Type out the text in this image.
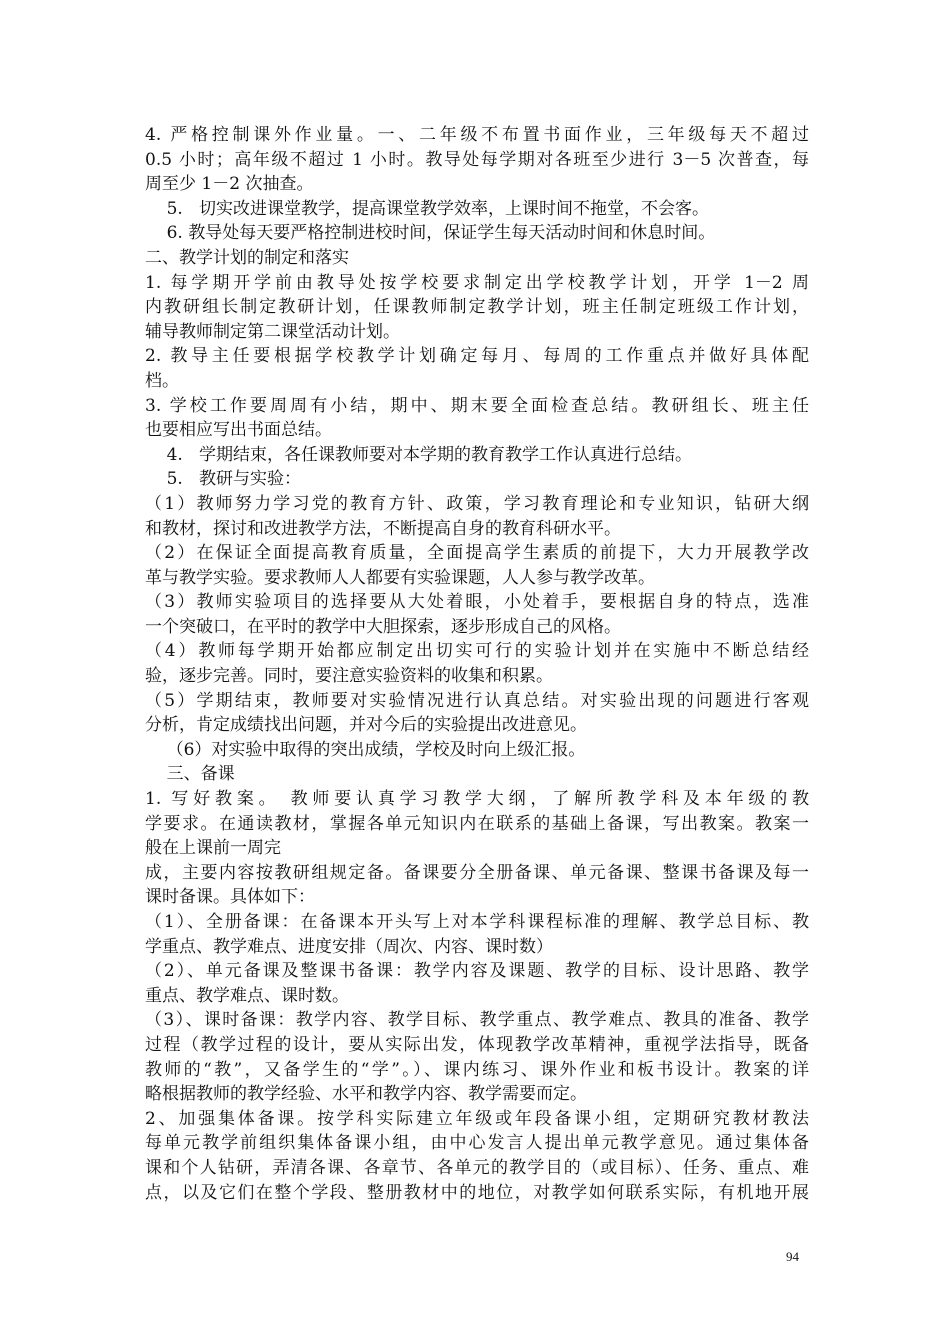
4. 严格控制课外作业量。一、二年级不布置书面作业，三年级每天不超过
0.5 小时；高年级不超过 1 小时。教导处每学期对各班至少进行 3－5 次普查，每
周至少 1－2 次抽查。
5.   切实改进课堂教学，提高课堂教学效率，上课时间不拖堂，不会客。
6. 教导处每天要严格控制进校时间，保证学生每天活动时间和休息时间。
二、教学计划的制定和落实
1. 每学期开学前由教导处按学校要求制定出学校教学计划，开学 1－2 周
内教研组长制定教研计划，任课教师制定教学计划，班主任制定班级工作计划，
辅导教师制定第二课堂活动计划。
2. 教导主任要根据学校教学计划确定每月、每周的工作重点并做好具体配
档。
3. 学校工作要周周有小结，期中、期末要全面检查总结。教研组长、班主任
也要相应写出书面总结。
4.   学期结束，各任课教师要对本学期的教育教学工作认真进行总结。
5.   教研与实验：
（1）教师努力学习党的教育方针、政策，学习教育理论和专业知识，钻研大纲
和教材，探讨和改进教学方法，不断提高自身的教育科研水平。
（2）在保证全面提高教育质量，全面提高学生素质的前提下，大力开展教学改
革与教学实验。要求教师人人都要有实验课题，人人参与教学改革。
（3）教师实验项目的选择要从大处着眼，小处着手，要根据自身的特点，选准
一个突破口，在平时的教学中大胆探索，逐步形成自己的风格。
（4）教师每学期开始都应制定出切实可行的实验计划并在实施中不断总结经
验，逐步完善。同时，要注意实验资料的收集和积累。
（5）学期结束，教师要对实验情况进行认真总结。对实验出现的问题进行客观
分析，肯定成绩找出问题，并对今后的实验提出改进意见。
（6）对实验中取得的突出成绩，学校及时向上级汇报。
三、备课
1. 写好教案。 教师要认真学习教学大纲，了解所教学科及本年级的教
学要求。在通读教材，掌握各单元知识内在联系的基础上备课，写出教案。教案一
般在上课前一周完
成，主要内容按教研组规定备。备课要分全册备课、单元备课、整课书备课及每一
课时备课。具体如下：
（1）、全册备课：在备课本开头写上对本学科课程标准的理解、教学总目标、教
学重点、教学难点、进度安排（周次、内容、课时数）
（2）、单元备课及整课书备课：教学内容及课题、教学的目标、设计思路、教学
重点、教学难点、课时数。
（3）、课时备课：教学内容、教学目标、教学重点、教学难点、教具的准备、教学
过程（教学过程的设计，要从实际出发，体现教学改革精神，重视学法指导，既备
教师的“教”，又备学生的“学”。）、课内练习、课外作业和板书设计。教案的详
略根据教师的教学经验、水平和教学内容、教学需要而定。
2、加强集体备课。按学科实际建立年级或年段备课小组，定期研究教材教法
每单元教学前组织集体备课小组，由中心发言人提出单元教学意见。通过集体备
课和个人钻研，弄清各课、各章节、各单元的教学目的（或目标）、任务、重点、难
点，以及它们在整个学段、整册教材中的地位，对教学如何联系实际，有机地开展
94
